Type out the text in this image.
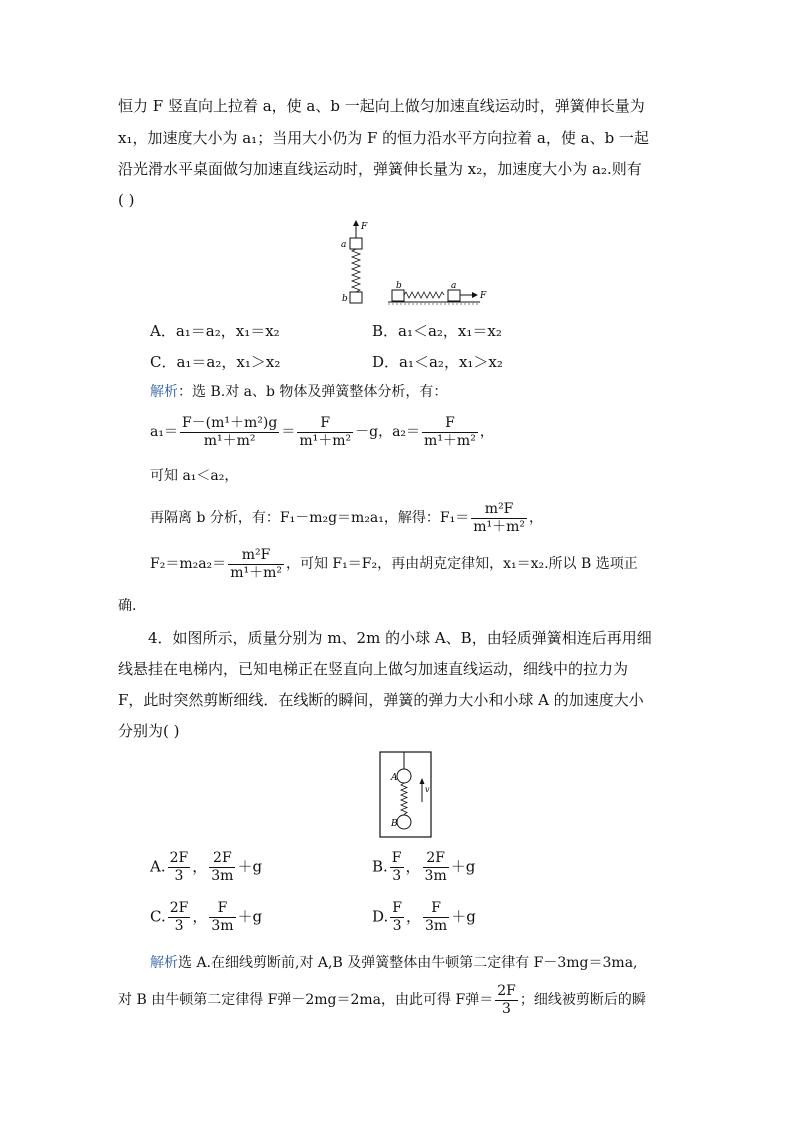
恒力 F 竖直向上拉着 a，使 a、b 一起向上做匀加速直线运动时，弹簧伸长量为
x₁，加速度大小为 a₁；当用大小仍为 F 的恒力沿水平方向拉着 a，使 a、b 一起
沿光滑水平桌面做匀加速直线运动时，弹簧伸长量为 x₂，加速度大小为 a₂.则有
( )
F
a
b
b	a
F
A．a₁＝a₂，x₁＝x₂	B．a₁＜a₂，x₁＝x₂
C．a₁＝a₂，x₁＞x₂	D．a₁＜a₂，x₁＞x₂
解析：选 B.对 a、b 物体及弹簧整体分析，有：
$a_1= \frac{\text{F－(m¹＋m²)g}}{\text{m¹＋m²}} = \frac{F}{\text{m¹＋m²}} -g$，$a_2= \frac{F}{\text{m¹＋m²}}$ ，
可知 a₁＜a₂，
再隔离 b 分析，有：F₁－m₂g＝m₂a₁，解得：$F_1= \frac{\text{m²F}}{\text{m¹＋m²}}$ ，
$F_2=m_2a_2= \frac{\text{m²F}}{\text{m¹＋m²}}$ ，可知 F₁＝F₂，再由胡克定律知，x₁＝x₂.所以 B 选项正
确.
4．如图所示，质量分别为 m、2m 的小球 A、B，由轻质弹簧相连后再用细
线悬挂在电梯内，已知电梯正在竖直向上做匀加速直线运动，细线中的拉力为
F，此时突然剪断细线．在线断的瞬间，弹簧的弹力大小和小球 A 的加速度大小
分别为( )
A
B
v
A. $\frac{2F}{3}$ ， $\frac{2F}{3m} +g$	B. $\frac{F}{3}$ ， $\frac{2F}{3m} +g$
C. $\frac{2F}{3}$ ， $\frac{F}{3m} +g$	D. $\frac{F}{3}$ ， $\frac{F}{3m} +g$
解析选 A.在细线剪断前,对 A,B 及弹簧整体由牛顿第二定律有 F－3mg＝3ma,
对 B 由牛顿第二定律得 F弹－2mg＝2ma，由此可得 F弹＝ $\frac{2F}{3}$ ；细线被剪断后的瞬
